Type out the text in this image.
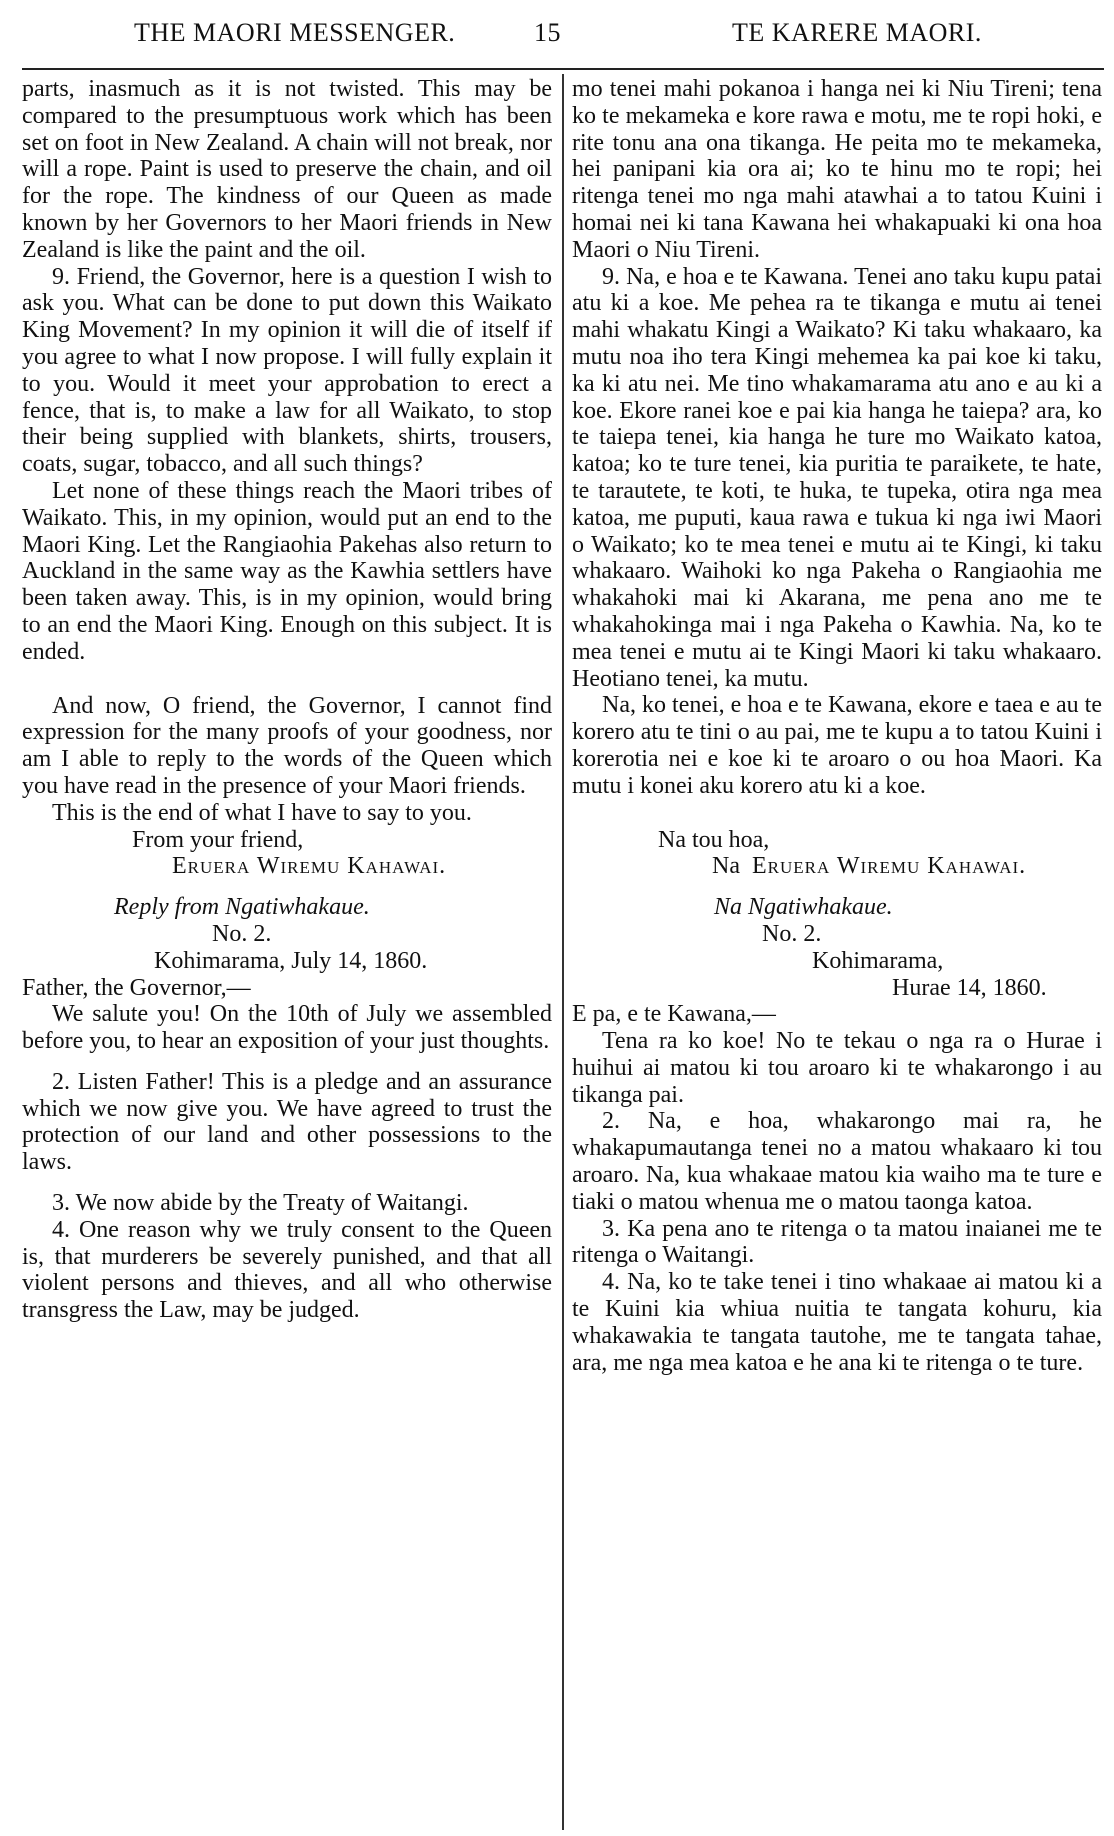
THE MAORI MESSENGER.	15	TE KARERE MAORI.

parts, inasmuch as it is not twisted. This may be compared to the presumptuous work which has been set on foot in New Zealand. A chain will not break, nor will a rope. Paint is used to preserve the chain, and oil for the rope. The kindness of our Queen as made known by her Governors to her Maori friends in New Zealand is like the paint and the oil.

9. Friend, the Governor, here is a question I wish to ask you. What can be done to put down this Waikato King Movement? In my opinion it will die of itself if you agree to what I now propose. I will fully explain it to you. Would it meet your approbation to erect a fence, that is, to make a law for all Waikato, to stop their being supplied with blankets, shirts, trousers, coats, sugar, tobacco, and all such things?

Let none of these things reach the Maori tribes of Waikato. This, in my opinion, would put an end to the Maori King. Let the Rangiaohia Pakehas also return to Auckland in the same way as the Kawhia settlers have been taken away. This, is in my opinion, would bring to an end the Maori King. Enough on this subject. It is ended.

And now, O friend, the Governor, I cannot find expression for the many proofs of your goodness, nor am I able to reply to the words of the Queen which you have read in the presence of your Maori friends.

This is the end of what I have to say to you.

From your friend,

Eruera Wiremu Kahawai.

Reply from Ngatiwhakaue.

No. 2.

Kohimarama, July 14, 1860.

Father, the Governor,—

We salute you! On the 10th of July we assembled before you, to hear an exposition of your just thoughts.

2. Listen Father! This is a pledge and an assurance which we now give you. We have agreed to trust the protection of our land and other possessions to the laws.

3. We now abide by the Treaty of Waitangi.

4. One reason why we truly consent to the Queen is, that murderers be severely punished, and that all violent persons and thieves, and all who otherwise transgress the Law, may be judged.

mo tenei mahi pokanoa i hanga nei ki Niu Tireni; tena ko te mekameka e kore rawa e motu, me te ropi hoki, e rite tonu ana ona tikanga. He peita mo te mekameka, hei panipani kia ora ai; ko te hinu mo te ropi; hei ritenga tenei mo nga mahi atawhai a to tatou Kuini i homai nei ki tana Kawana hei whakapuaki ki ona hoa Maori o Niu Tireni.

9. Na, e hoa e te Kawana. Tenei ano taku kupu patai atu ki a koe. Me pehea ra te tikanga e mutu ai tenei mahi whakatu Kingi a Waikato? Ki taku whakaaro, ka mutu noa iho tera Kingi mehemea ka pai koe ki taku, ka ki atu nei. Me tino whakamarama atu ano e au ki a koe. Ekore ranei koe e pai kia hanga he taiepa? ara, ko te taiepa tenei, kia hanga he ture mo Waikato katoa, katoa; ko te ture tenei, kia puritia te paraikete, te hate, te tarautete, te koti, te huka, te tupeka, otira nga mea katoa, me puputi, kaua rawa e tukua ki nga iwi Maori o Waikato; ko te mea tenei e mutu ai te Kingi, ki taku whakaaro. Waihoki ko nga Pakeha o Rangiaohia me whakahoki mai ki Akarana, me pena ano me te whakahokinga mai i nga Pakeha o Kawhia. Na, ko te mea tenei e mutu ai te Kingi Maori ki taku whakaaro. Heotiano tenei, ka mutu.

Na, ko tenei, e hoa e te Kawana, ekore e taea e au te korero atu te tini o au pai, me te kupu a to tatou Kuini i korerotia nei e koe ki te aroaro o ou hoa Maori. Ka mutu i konei aku korero atu ki a koe.

Na tou hoa,

Na Eruera Wiremu Kahawai.

Na Ngatiwhakaue.

No. 2.

Kohimarama,

Hurae 14, 1860.

E pa, e te Kawana,—

Tena ra ko koe! No te tekau o nga ra o Hurae i huihui ai matou ki tou aroaro ki te whakarongo i au tikanga pai.

2. Na, e hoa, whakarongo mai ra, he whakapumautanga tenei no a matou whakaaro ki tou aroaro. Na, kua whakaae matou kia waiho ma te ture e tiaki o matou whenua me o matou taonga katoa.

3. Ka pena ano te ritenga o ta matou inaianei me te ritenga o Waitangi.

4. Na, ko te take tenei i tino whakaae ai matou ki a te Kuini kia whiua nuitia te tangata kohuru, kia whakawakia te tangata tautohe, me te tangata tahae, ara, me nga mea katoa e he ana ki te ritenga o te ture.
